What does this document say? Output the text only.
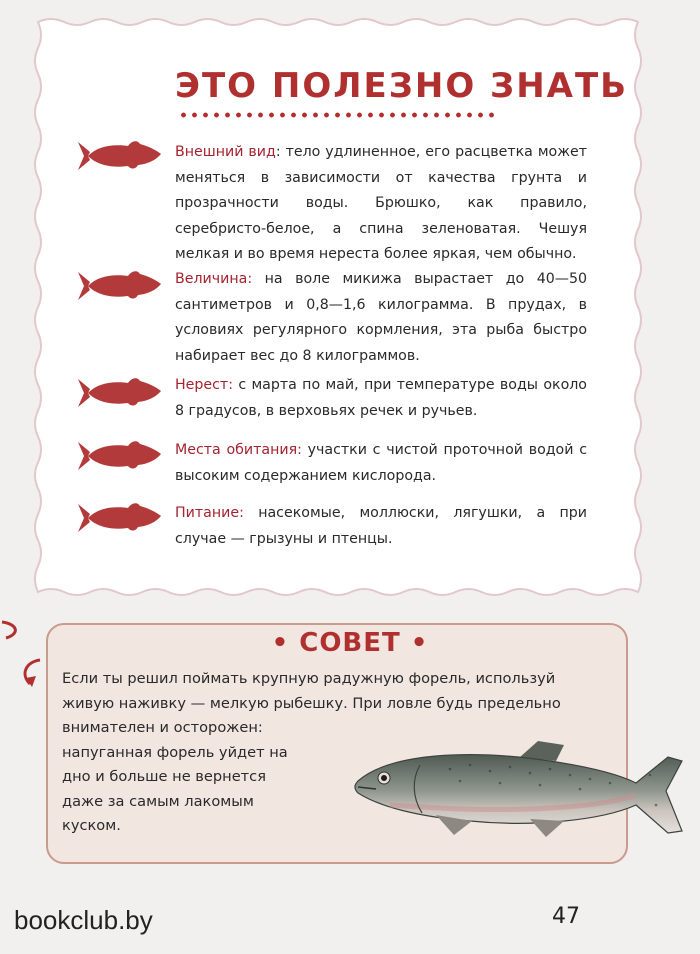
ЭТО ПОЛЕЗНО ЗНАТЬ
Внешний вид: тело удлиненное, его расцветка может меняться в зависимости от качества грунта и прозрачности воды. Брюшко, как правило, серебристо-белое, а спина зеленоватая. Чешуя мелкая и во время нереста более яркая, чем обычно.
Величина: на воле микижа вырастает до 40—50 сантиметров и 0,8—1,6 килограмма. В прудах, в условиях регулярного кормления, эта рыба быстро набирает вес до 8 килограммов.
Нерест: с марта по май, при температуре воды около 8 градусов, в верховьях речек и ручьев.
Места обитания: участки с чистой проточной водой с высоким содержанием кислорода.
Питание: насекомые, моллюски, лягушки, а при случае — грызуны и птенцы.
• СОВЕТ •
Если ты решил поймать крупную радужную форель, используй
живую наживку — мелкую рыбешку. При ловле будь предельно
внимателен и осторожен:
напуганная форель уйдет на
дно и больше не вернется
даже за самым лакомым
куском.
bookclub.by	47
